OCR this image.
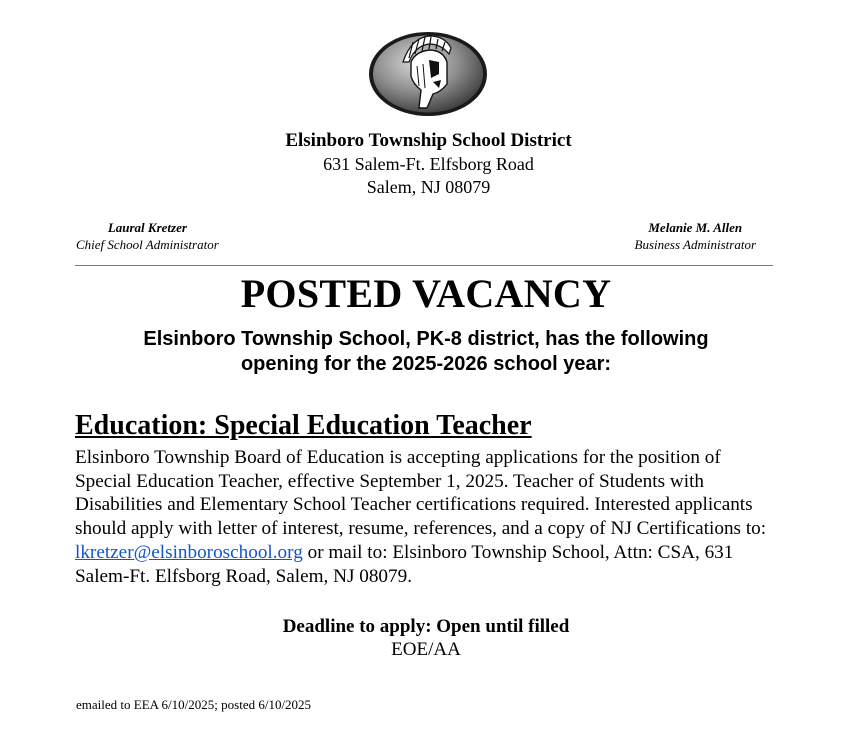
Elsinboro Township School District
631 Salem-Ft. Elfsborg Road
Salem, NJ 08079
Laural Kretzer
Chief School Administrator
Melanie M. Allen
Business Administrator
POSTED VACANCY
Elsinboro Township School, PK-8 district, has the following
opening for the 2025-2026 school year:
Education: Special Education Teacher
Elsinboro Township Board of Education is accepting applications for the position of Special Education Teacher, effective September 1, 2025. Teacher of Students with Disabilities and Elementary School Teacher certifications required. Interested applicants should apply with letter of interest, resume, references, and a copy of NJ Certifications to: lkretzer@elsinboroschool.org or mail to: Elsinboro Township School, Attn: CSA, 631 Salem-Ft. Elfsborg Road, Salem, NJ 08079.
Deadline to apply: Open until filled
EOE/AA
emailed to EEA 6/10/2025; posted 6/10/2025
